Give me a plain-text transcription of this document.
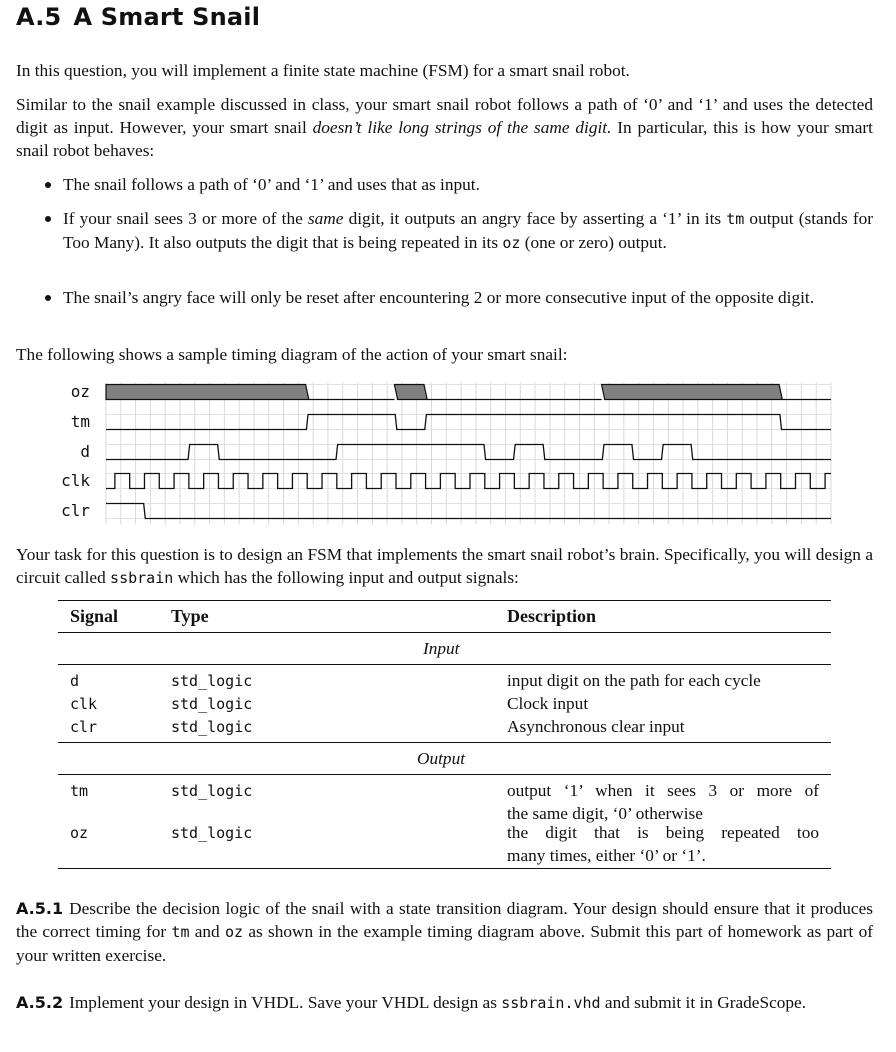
A.5 A Smart Snail

In this question, you will implement a finite state machine (FSM) for a smart snail robot.

Similar to the snail example discussed in class, your smart snail robot follows a path of ‘0’ and ‘1’ and uses the detected digit as input. However, your smart snail doesn’t like long strings of the same digit. In particular, this is how your smart snail robot behaves:

The snail follows a path of ‘0’ and ‘1’ and uses that as input.
If your snail sees 3 or more of the same digit, it outputs an angry face by asserting a ‘1’ in its tm output (stands for Too Many). It also outputs the digit that is being repeated in its oz (one or zero) output.
The snail’s angry face will only be reset after encountering 2 or more consecutive input of the opposite digit.

The following shows a sample timing diagram of the action of your smart snail:

oz
tm
d
clk
clr

Your task for this question is to design an FSM that implements the smart snail robot’s brain. Specifically, you will design a circuit called ssbrain which has the following input and output signals:

Signal	Type	Description
Input
d	std_logic	input digit on the path for each cycle
clk	std_logic	Clock input
clr	std_logic	Asynchronous clear input
Output
tm	std_logic	output ‘1’ when it sees 3 or more of
the same digit, ‘0’ otherwise
oz	std_logic	the digit that is being repeated too
many times, either ‘0’ or ‘1’.

A.5.1 Describe the decision logic of the snail with a state transition diagram. Your design should ensure that it produces the correct timing for tm and oz as shown in the example timing diagram above. Submit this part of homework as part of your written exercise.

A.5.2 Implement your design in VHDL. Save your VHDL design as ssbrain.vhd and submit it in GradeScope.
